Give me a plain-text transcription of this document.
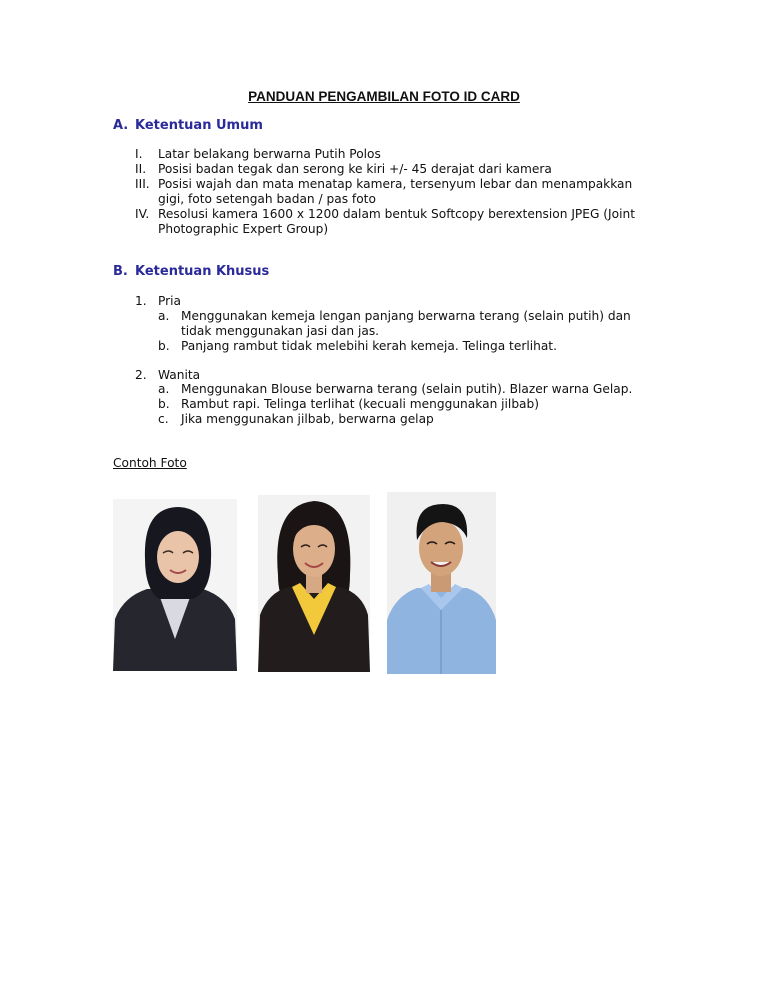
PANDUAN PENGAMBILAN FOTO ID CARD
A. Ketentuan Umum
I. Latar belakang berwarna Putih Polos
II. Posisi badan tegak dan serong ke kiri +/- 45 derajat dari kamera
III. Posisi wajah dan mata menatap kamera, tersenyum lebar dan menampakkan
gigi, foto setengah badan / pas foto
IV. Resolusi kamera 1600 x 1200 dalam bentuk Softcopy berextension JPEG (Joint
Photographic Expert Group)
B. Ketentuan Khusus
1. Pria
a. Menggunakan kemeja lengan panjang berwarna terang (selain putih) dan
tidak menggunakan jasi dan jas.
b. Panjang rambut tidak melebihi kerah kemeja. Telinga terlihat.
2. Wanita
a. Menggunakan Blouse berwarna terang (selain putih). Blazer warna Gelap.
b. Rambut rapi. Telinga terlihat (kecuali menggunakan jilbab)
c. Jika menggunakan jilbab, berwarna gelap
Contoh Foto
